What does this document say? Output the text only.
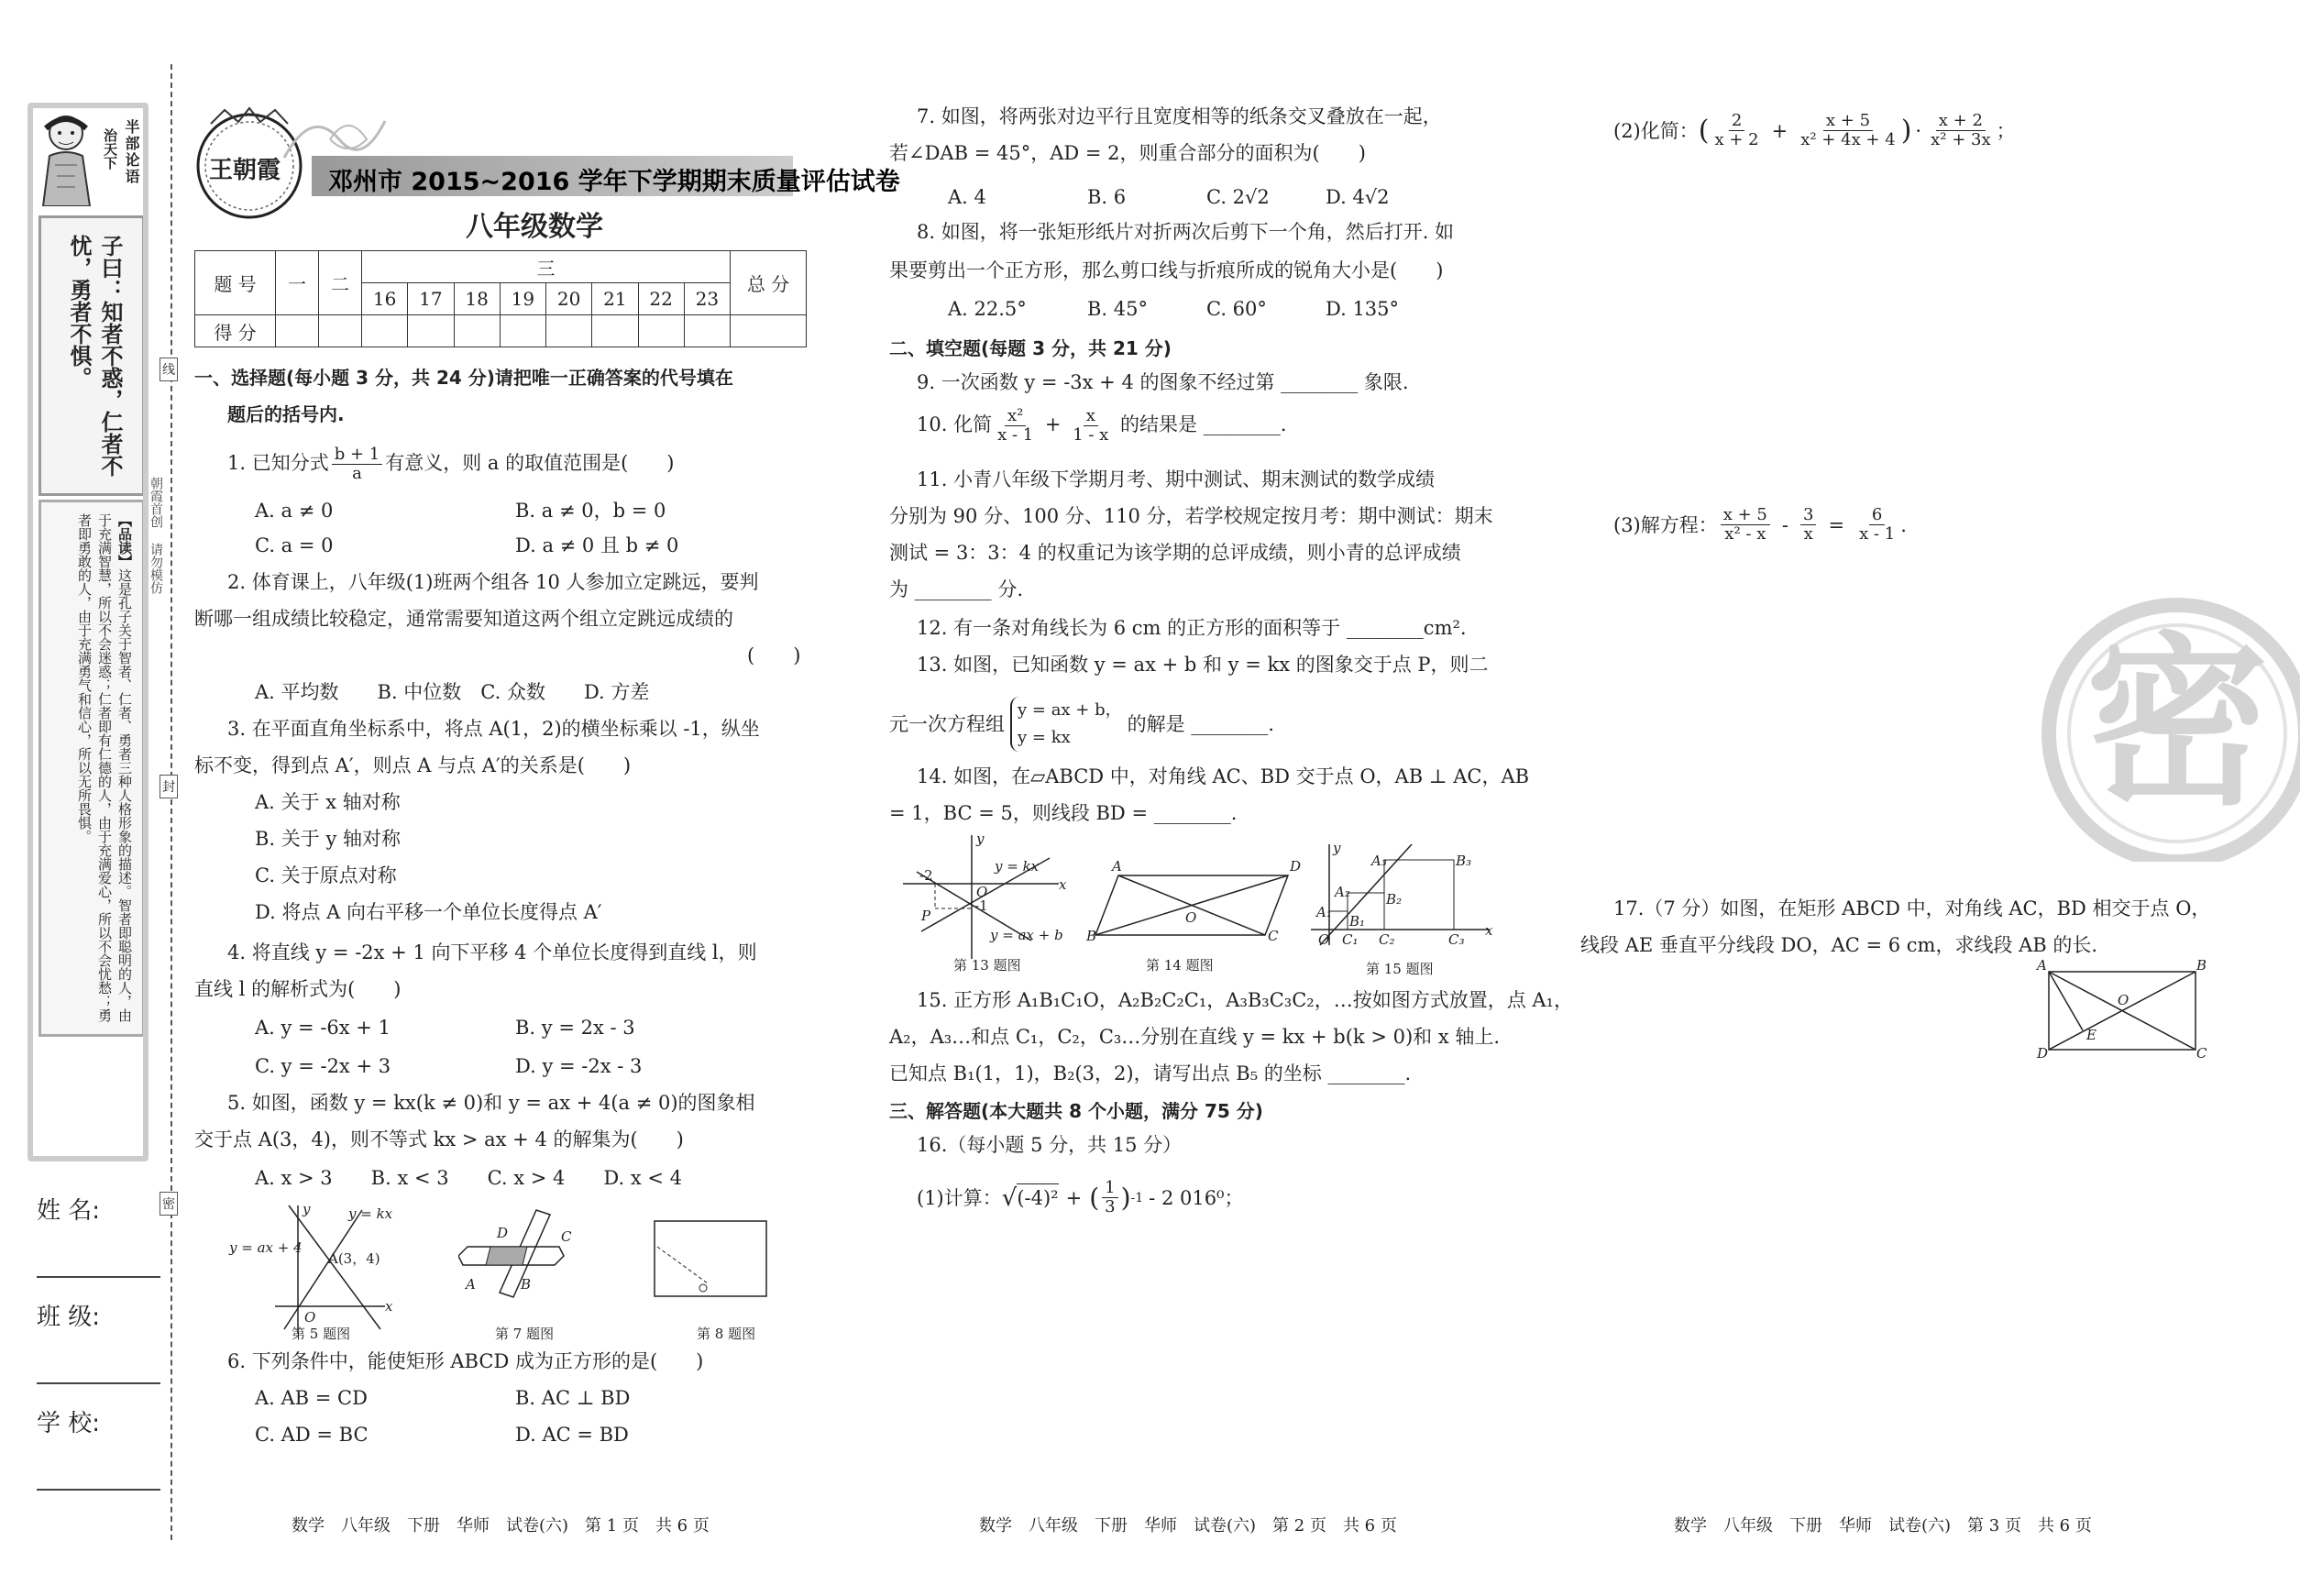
半部论语
治天下
子曰：知者不惑，仁者不忧，勇者不惧。
【品读】这是孔子关于智者、仁者、勇者三种人格形象的描述。智者即聪明的人，由于充满智慧，所以不会迷惑；仁者即有仁德的人，由于充满爱心，所以不会忧愁；勇者即勇敢的人，由于充满勇气和信心，所以无所畏惧。
姓 名:
班 级:
学 校:
线
封
密
朝霞首创 请勿模仿
王朝霞 邓州市 2015~2016 学年下学期期末质量评估试卷
八年级数学
题 号	一	二	三								总 分
			16	17	18	19	20	21	22	23	
得 分											
一、选择题(每小题 3 分，共 24 分)请把唯一正确答案的代号填在
题后的括号内.
1. 已知分式 $\frac{b + 1}{a}$ 有意义，则 a 的取值范围是(　　)
A. a ≠ 0	B. a ≠ 0，b = 0
C. a = 0	D. a ≠ 0 且 b ≠ 0
2. 体育课上，八年级(1)班两个组各 10 人参加立定跳远，要判
断哪一组成绩比较稳定，通常需要知道这两个组立定跳远成绩的
(　　)
A. 平均数　　B. 中位数　C. 众数　　D. 方差
3. 在平面直角坐标系中，将点 A(1，2)的横坐标乘以 -1，纵坐
标不变，得到点 A′，则点 A 与点 A′的关系是(　　)
A. 关于 x 轴对称
B. 关于 y 轴对称
C. 关于原点对称
D. 将点 A 向右平移一个单位长度得点 A′
4. 将直线 y = -2x + 1 向下平移 4 个单位长度得到直线 l，则
直线 l 的解析式为(　　)
A. y = -6x + 1	B. y = 2x - 3
C. y = -2x + 3	D. y = -2x - 3
5. 如图，函数 y = kx(k ≠ 0)和 y = ax + 4(a ≠ 0)的图象相
交于点 A(3，4)，则不等式 kx > ax + 4 的解集为(　　)
A. x > 3　　B. x < 3　　C. x > 4　　D. x < 4
y = kx
y = ax + 4
A(3，4)
O
x
y
D	C
A	B
第 5 题图	第 7 题图	第 8 题图
6. 下列条件中，能使矩形 ABCD 成为正方形的是(　　)
A. AB = CD	B. AC ⊥ BD
C. AD = BC	D. AC = BD
数学　八年级　下册　华师　试卷(六)　第 1 页　共 6 页
7. 如图，将两张对边平行且宽度相等的纸条交叉叠放在一起，
若∠DAB = 45°，AD = 2，则重合部分的面积为(　　)
A. 4	B. 6	C. 2√2	D. 4√2
8. 如图，将一张矩形纸片对折两次后剪下一个角，然后打开. 如
果要剪出一个正方形，那么剪口线与折痕所成的锐角大小是(　　)
A. 22.5°	B. 45°	C. 60°	D. 135°
二、填空题(每题 3 分，共 21 分)
9. 一次函数 y = -3x + 4 的图象不经过第 ________ 象限.
10. 化简 $\frac{\text{x²}}{x - 1} + \frac{x}{1 - x}$ 的结果是 ________.
11. 小青八年级下学期月考、期中测试、期末测试的数学成绩
分别为 90 分、100 分、110 分，若学校规定按月考：期中测试：期末
测试 = 3：3：4 的权重记为该学期的总评成绩，则小青的总评成绩
为 ________ 分.
12. 有一条对角线长为 6 cm 的正方形的面积等于 ________cm².
13. 如图，已知函数 y = ax + b 和 y = kx 的图象交于点 P，则二
元一次方程组
y = ax + b，
y = kx
的解是 ________.
14. 如图，在▱ABCD 中，对角线 AC、BD 交于点 O，AB ⊥ AC，AB
= 1，BC = 5，则线段 BD = ________.
y = kx
y = ax + b
-2
-1
O
P
x
y
A	D
B	C
O	A₁
A₂
A₃
B₁
B₂
B₃
O C₁ C₂	C₃
x
y
第 13 题图	第 14 题图	第 15 题图
15. 正方形 A₁B₁C₁O，A₂B₂C₂C₁，A₃B₃C₃C₂，…按如图方式放置，点 A₁，
A₂，A₃…和点 C₁，C₂，C₃…分别在直线 y = kx + b(k > 0)和 x 轴上.
已知点 B₁(1，1)，B₂(3，2)，请写出点 B₅ 的坐标 ________.
三、解答题(本大题共 8 个小题，满分 75 分)
16.（每小题 5 分，共 15 分）
(1)计算： √ (-4)² + ( $\frac{1}{3}$ ) -1 - 2 016⁰；
数学　八年级　下册　华师　试卷(六)　第 2 页　共 6 页
(2)化简： ( $\frac{2}{x + 2} + \frac{x + 5}{\text{x² + 4x + 4}}$ ) · $\frac{x + 2}{\text{x² + 3x}}$ ；
(3)解方程： $\frac{x + 5}{\text{x² - x}} - \frac{3}{x} = \frac{6}{x - 1}$ .
密
17.（7 分）如图，在矩形 ABCD 中，对角线 AC，BD 相交于点 O，
线段 AE 垂直平分线段 DO，AC = 6 cm，求线段 AB 的长.
A	B
D	C
O
E
数学　八年级　下册　华师　试卷(六)　第 3 页　共 6 页
